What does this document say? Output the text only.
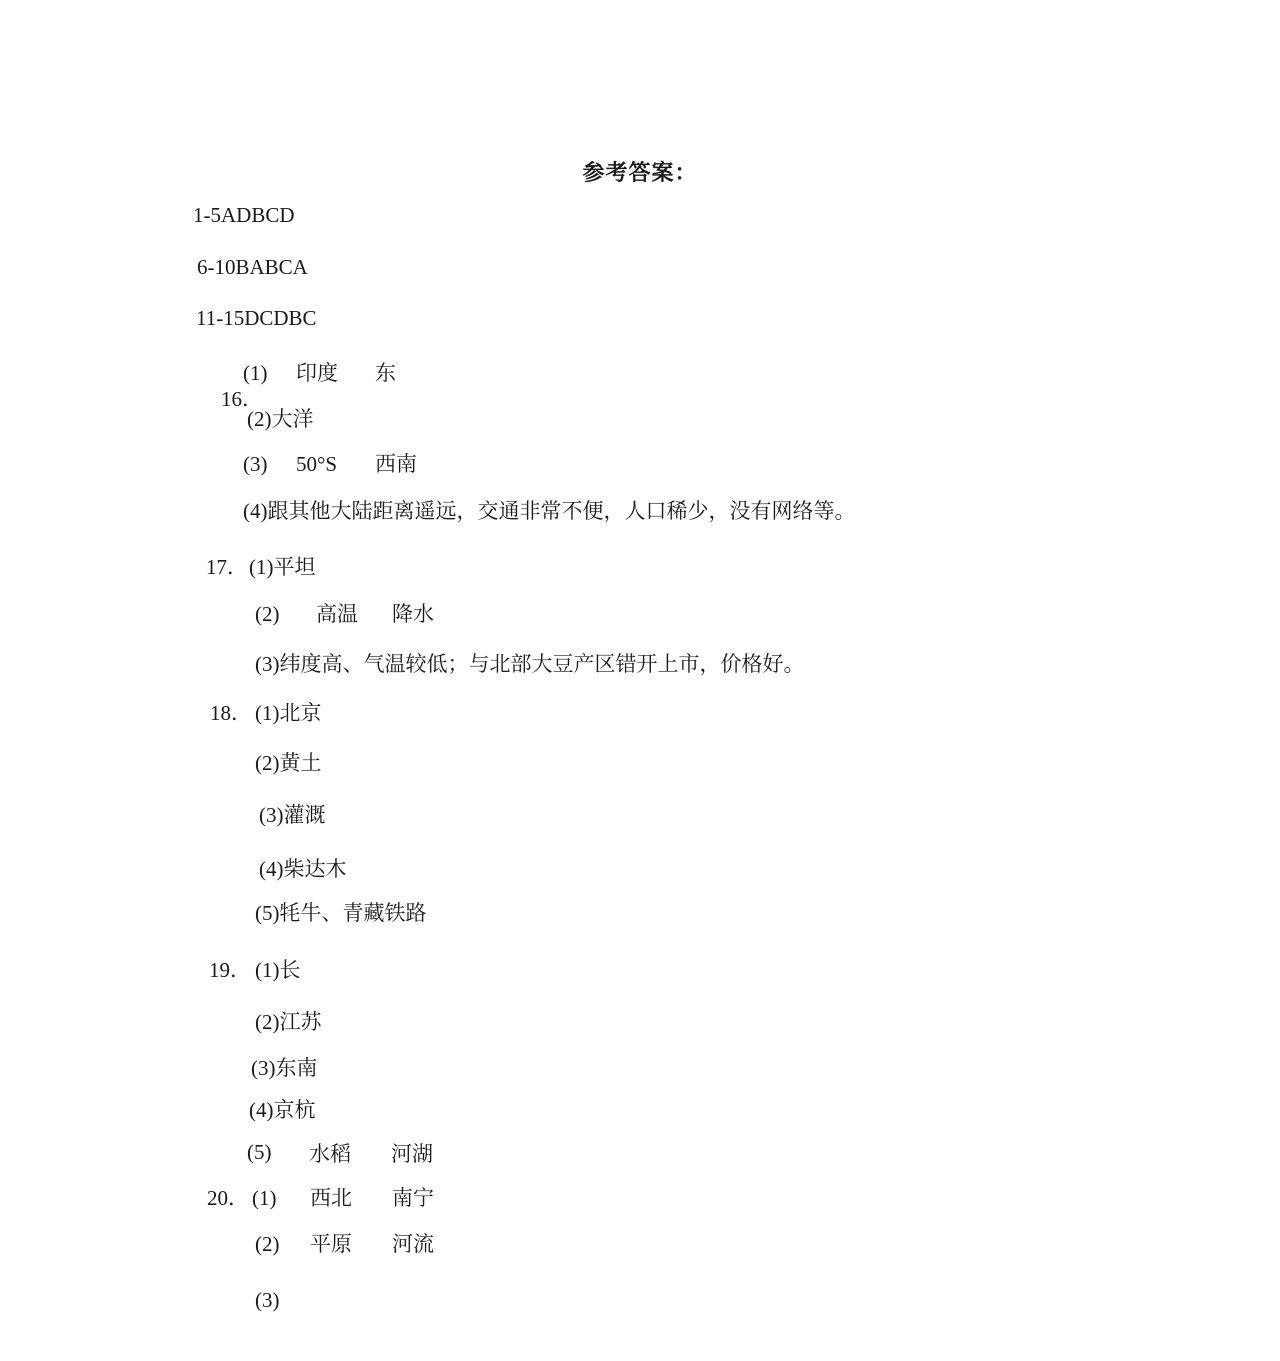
参考答案：
1-5ADBCD
6-10BABCA
11-15DCDBC

16．

(1) 印度 东
(2)大洋
(3) 50°S 西南
(4)跟其他大陆距离遥远，交通非常不便，人口稀少，没有网络等。
17． (1)平坦
(2) 高温 降水
(3)纬度高、气温较低；与北部大豆产区错开上市，价格好。
18． (1)北京
(2)黄土
(3)灌溉
(4)柴达木
(5)牦牛、青藏铁路
19． (1)长
(2)江苏
(3)东南
(4)京杭
(5) 水稻 河湖
20． (1) 西北 南宁
(2) 平原 河流
(3)
